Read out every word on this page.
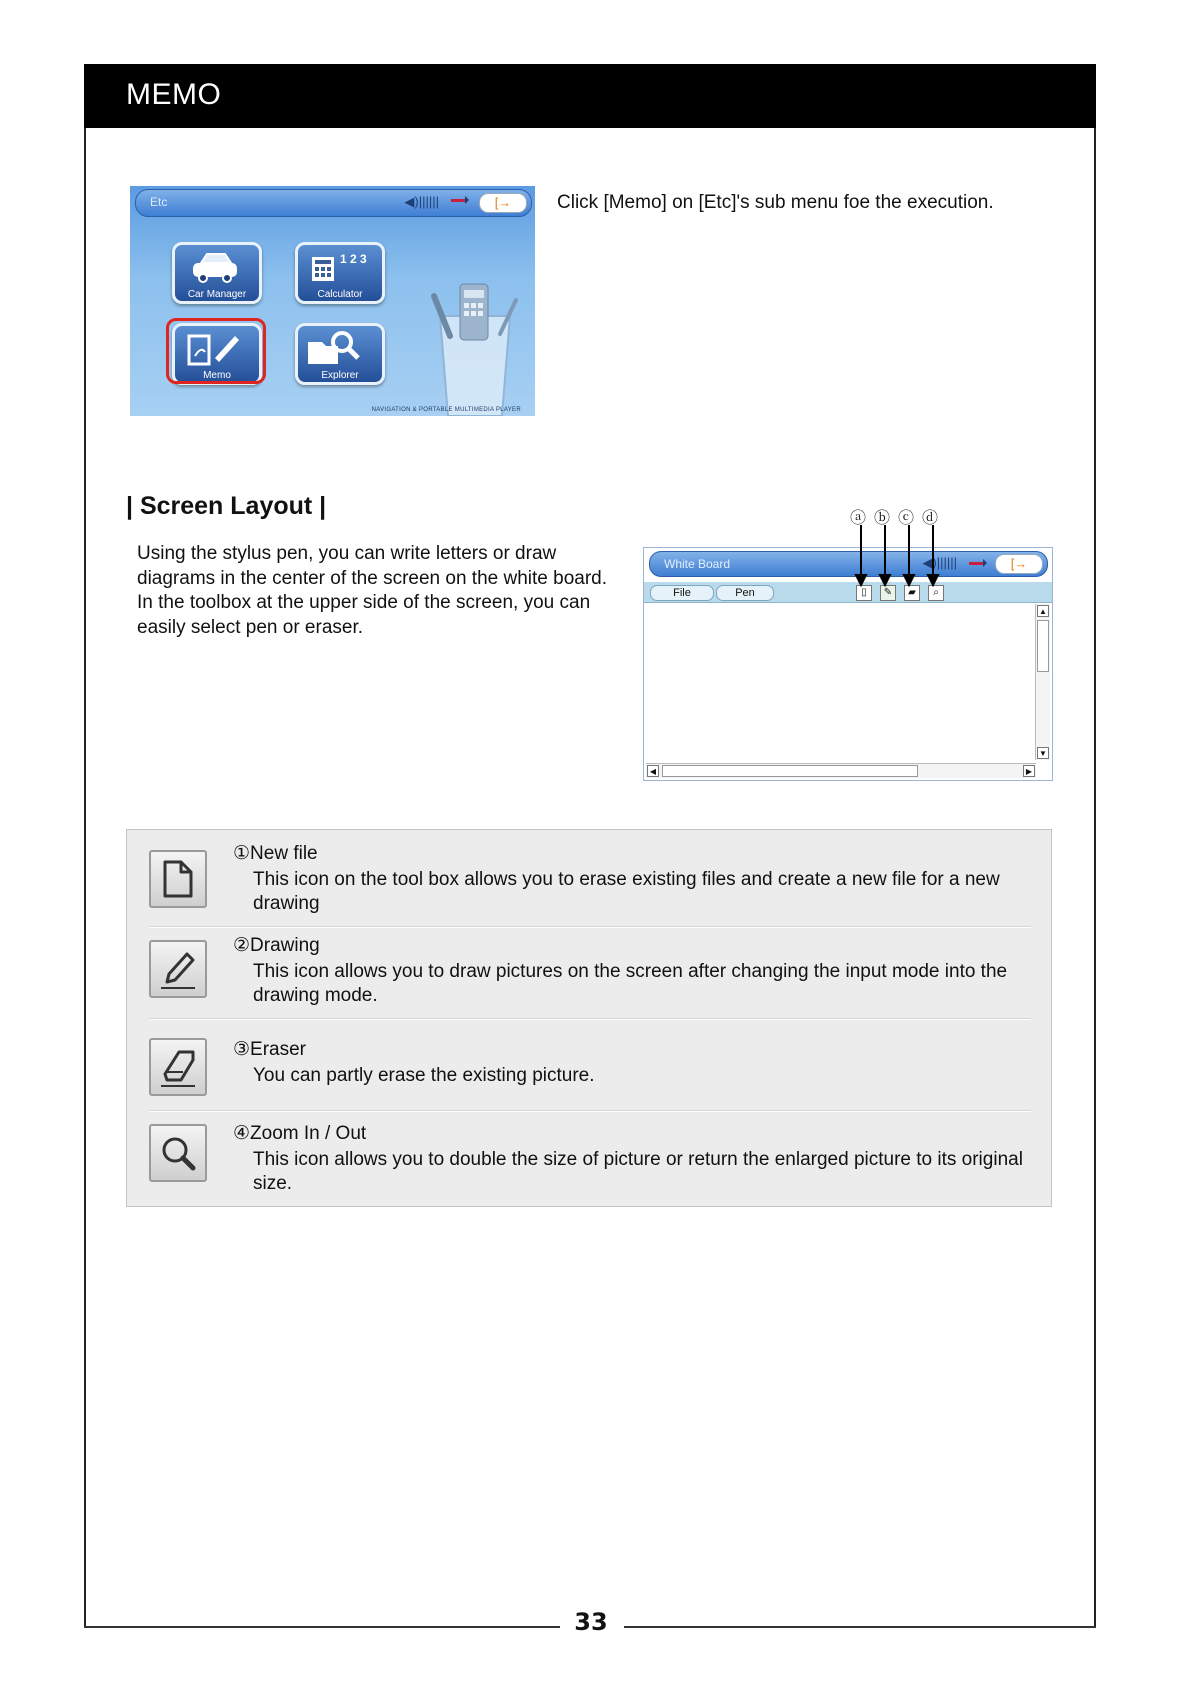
MEMO
Etc	◀)||||||	[→
Car Manager
1 2 3
Calculator
Memo	Explorer
NAVIGATION & PORTABLE MULTIMEDIA PLAYER
Click [Memo] on [Etc]'s sub menu foe the execution.
| Screen Layout |
Using the stylus pen, you can write letters or draw diagrams in the center of the screen on the white board. In the toolbox at the upper side of the screen, you can easily select pen or eraser.
ⓐ ⓑ ⓒ ⓓ
White Board	◀)||||||	[→
File	Pen	▯	✎	▰	⌕
▲
▼
◀	▶
①New file
This icon on the tool box allows you to erase existing files and create a new file for a new drawing
②Drawing
This icon allows you to draw pictures on the screen after changing the input mode into the drawing mode.
③Eraser
You can partly erase the existing picture.
④Zoom In / Out
This icon allows you to double the size of picture or return the enlarged picture to its original size.
33
